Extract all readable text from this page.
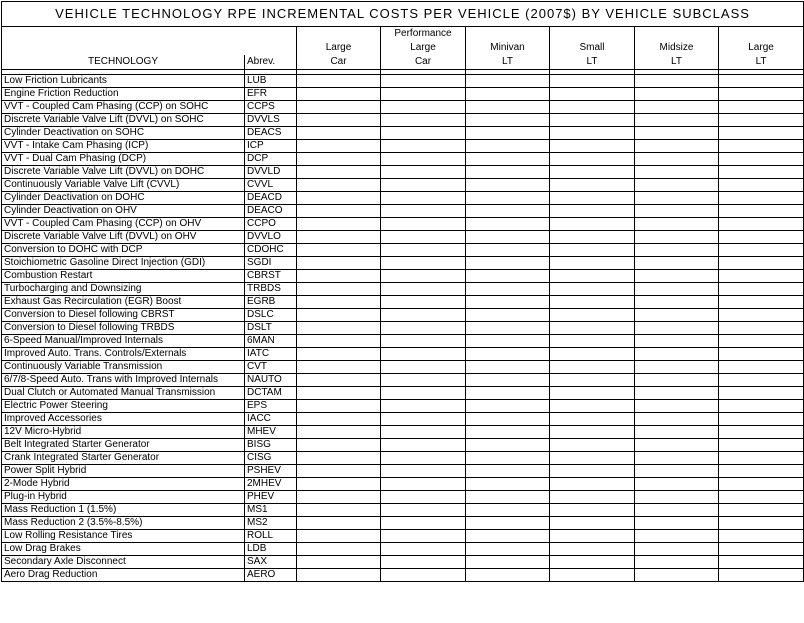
VEHICLE TECHNOLOGY RPE INCREMENTAL COSTS PER VEHICLE (2007$) BY VEHICLE SUBCLASS							
			Performance				
		Large	Large	Minivan	Small	Midsize	Large
TECHNOLOGY	Abrev.	Car	Car	LT	LT	LT	LT

Low Friction Lubricants	LUB						
Engine Friction Reduction	EFR						
VVT - Coupled Cam Phasing (CCP) on SOHC	CCPS						
Discrete Variable Valve Lift (DVVL) on SOHC	DVVLS						
Cylinder Deactivation on SOHC	DEACS						
VVT - Intake Cam Phasing (ICP)	ICP						
VVT - Dual Cam Phasing (DCP)	DCP						
Discrete Variable Valve Lift (DVVL) on DOHC	DVVLD						
Continuously Variable Valve Lift (CVVL)	CVVL						
Cylinder Deactivation on DOHC	DEACD						
Cylinder Deactivation on OHV	DEACO						
VVT - Coupled Cam Phasing (CCP) on OHV	CCPO						
Discrete Variable Valve Lift (DVVL) on OHV	DVVLO						
Conversion to DOHC with DCP	CDOHC						
Stoichiometric Gasoline Direct Injection (GDI)	SGDI						
Combustion Restart	CBRST						
Turbocharging and Downsizing	TRBDS						
Exhaust Gas Recirculation (EGR) Boost	EGRB						
Conversion to Diesel following CBRST	DSLC						
Conversion to Diesel following TRBDS	DSLT						
6-Speed Manual/Improved Internals	6MAN						
Improved Auto. Trans. Controls/Externals	IATC						
Continuously Variable Transmission	CVT						
6/7/8-Speed Auto. Trans with Improved Internals	NAUTO						
Dual Clutch or Automated Manual Transmission	DCTAM						
Electric Power Steering	EPS						
Improved Accessories	IACC						
12V Micro-Hybrid	MHEV						
Belt Integrated Starter Generator	BISG						
Crank Integrated Starter Generator	CISG						
Power Split Hybrid	PSHEV						
2-Mode Hybrid	2MHEV						
Plug-in Hybrid	PHEV						
Mass Reduction 1 (1.5%)	MS1						
Mass Reduction 2 (3.5%-8.5%)	MS2						
Low Rolling Resistance Tires	ROLL						
Low Drag Brakes	LDB						
Secondary Axle Disconnect	SAX						
Aero Drag Reduction	AERO						
